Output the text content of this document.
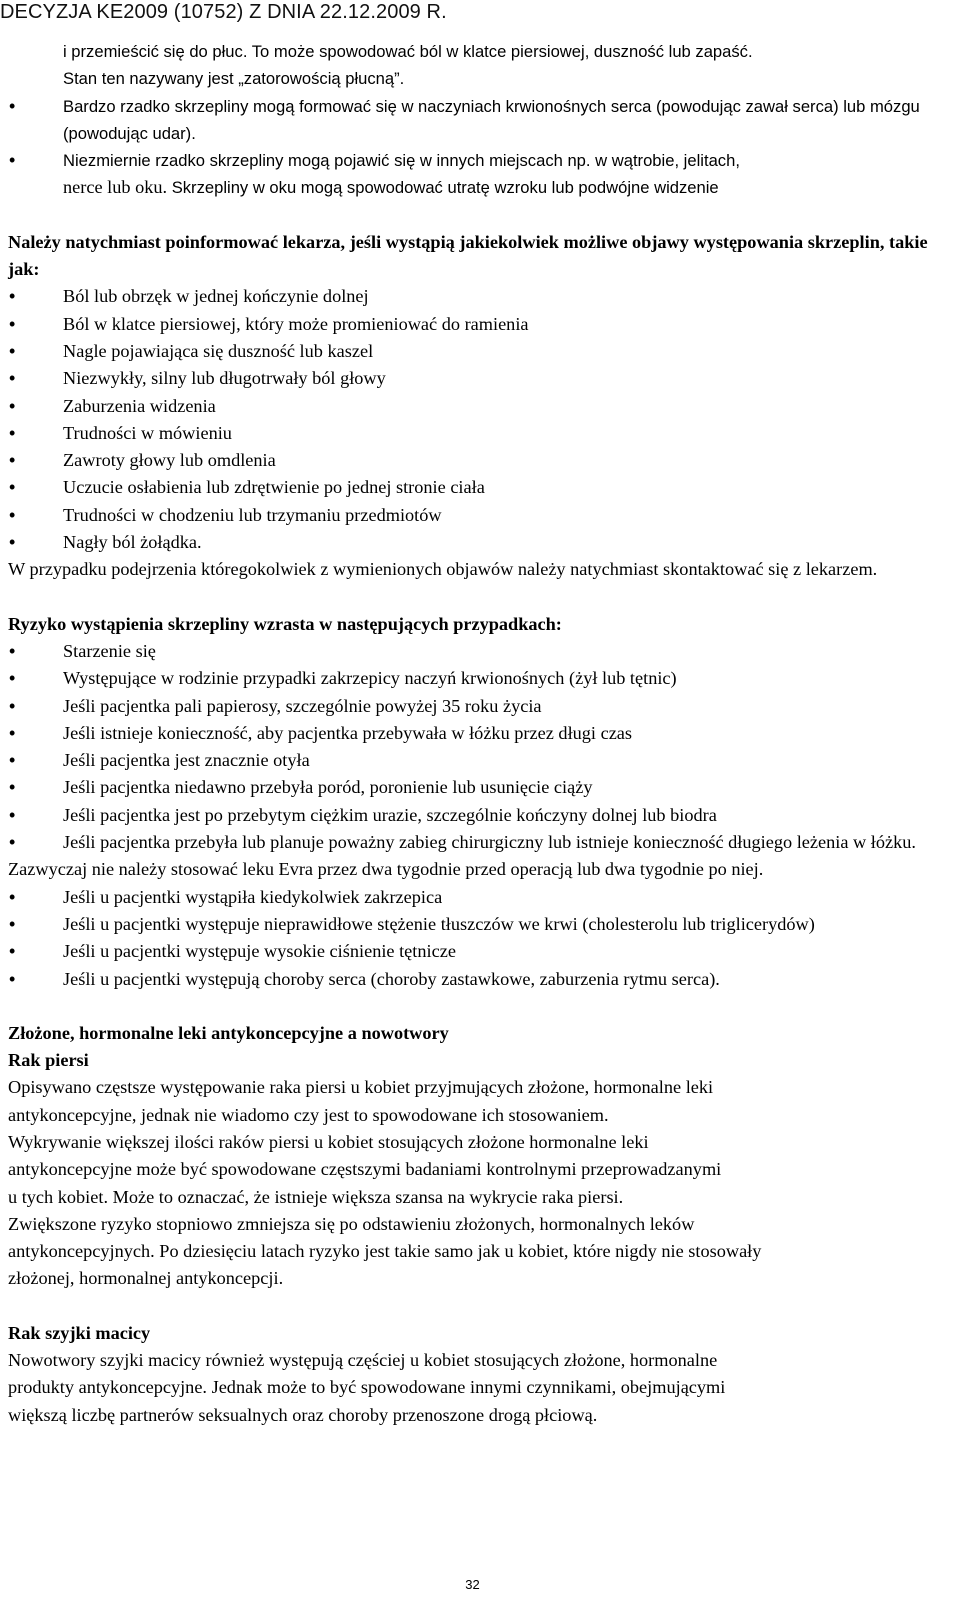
DECYZJA KE2009 (10752) Z DNIA 22.12.2009 R.
i przemieścić się do płuc. To może spowodować ból w klatce piersiowej, duszność lub zapaść.
Stan ten nazywany jest „zatorowością płucną”.
• Bardzo rzadko skrzepliny mogą formować się w naczyniach krwionośnych serca (powodując zawał serca) lub mózgu (powodując udar).
• Niezmiernie rzadko skrzepliny mogą pojawić się w innych miejscach np. w wątrobie, jelitach,
nerce lub oku. Skrzepliny w oku mogą spowodować utratę wzroku lub podwójne widzenie

Należy natychmiast poinformować lekarza, jeśli wystąpią jakiekolwiek możliwe objawy występowania skrzeplin, takie jak:

• Ból lub obrzęk w jednej kończynie dolnej
• Ból w klatce piersiowej, który może promieniować do ramienia
• Nagle pojawiająca się duszność lub kaszel
• Niezwykły, silny lub długotrwały ból głowy
• Zaburzenia widzenia
• Trudności w mówieniu
• Zawroty głowy lub omdlenia
• Uczucie osłabienia lub zdrętwienie po jednej stronie ciała
• Trudności w chodzeniu lub trzymaniu przedmiotów
• Nagły ból żołądka.

W przypadku podejrzenia któregokolwiek z wymienionych objawów należy natychmiast skontaktować się z lekarzem.

Ryzyko wystąpienia skrzepliny wzrasta w następujących przypadkach:

• Starzenie się
• Występujące w rodzinie przypadki zakrzepicy naczyń krwionośnych (żył lub tętnic)
• Jeśli pacjentka pali papierosy, szczególnie powyżej 35 roku życia
• Jeśli istnieje konieczność, aby pacjentka przebywała w łóżku przez długi czas
• Jeśli pacjentka jest znacznie otyła
• Jeśli pacjentka niedawno przebyła poród, poronienie lub usunięcie ciąży
• Jeśli pacjentka jest po przebytym ciężkim urazie, szczególnie kończyny dolnej lub biodra
• Jeśli pacjentka przebyła lub planuje poważny zabieg chirurgiczny lub istnieje konieczność długiego leżenia w łóżku.

Zazwyczaj nie należy stosować leku Evra przez dwa tygodnie przed operacją lub dwa tygodnie po niej.

• Jeśli u pacjentki wystąpiła kiedykolwiek zakrzepica
• Jeśli u pacjentki występuje nieprawidłowe stężenie tłuszczów we krwi (cholesterolu lub triglicerydów)
• Jeśli u pacjentki występuje wysokie ciśnienie tętnicze
• Jeśli u pacjentki występują choroby serca (choroby zastawkowe, zaburzenia rytmu serca).

Złożone, hormonalne leki antykoncepcyjne a nowotwory

Rak piersi

Opisywano częstsze występowanie raka piersi u kobiet przyjmujących złożone, hormonalne leki
antykoncepcyjne, jednak nie wiadomo czy jest to spowodowane ich stosowaniem.
Wykrywanie większej ilości raków piersi u kobiet stosujących złożone hormonalne leki
antykoncepcyjne może być spowodowane częstszymi badaniami kontrolnymi przeprowadzanymi
u tych kobiet. Może to oznaczać, że istnieje większa szansa na wykrycie raka piersi.
Zwiększone ryzyko stopniowo zmniejsza się po odstawieniu złożonych, hormonalnych leków
antykoncepcyjnych. Po dziesięciu latach ryzyko jest takie samo jak u kobiet, które nigdy nie stosowały
złożonej, hormonalnej antykoncepcji.

Rak szyjki macicy

Nowotwory szyjki macicy również występują częściej u kobiet stosujących złożone, hormonalne
produkty antykoncepcyjne. Jednak może to być spowodowane innymi czynnikami, obejmującymi
większą liczbę partnerów seksualnych oraz choroby przenoszone drogą płciową.
32
